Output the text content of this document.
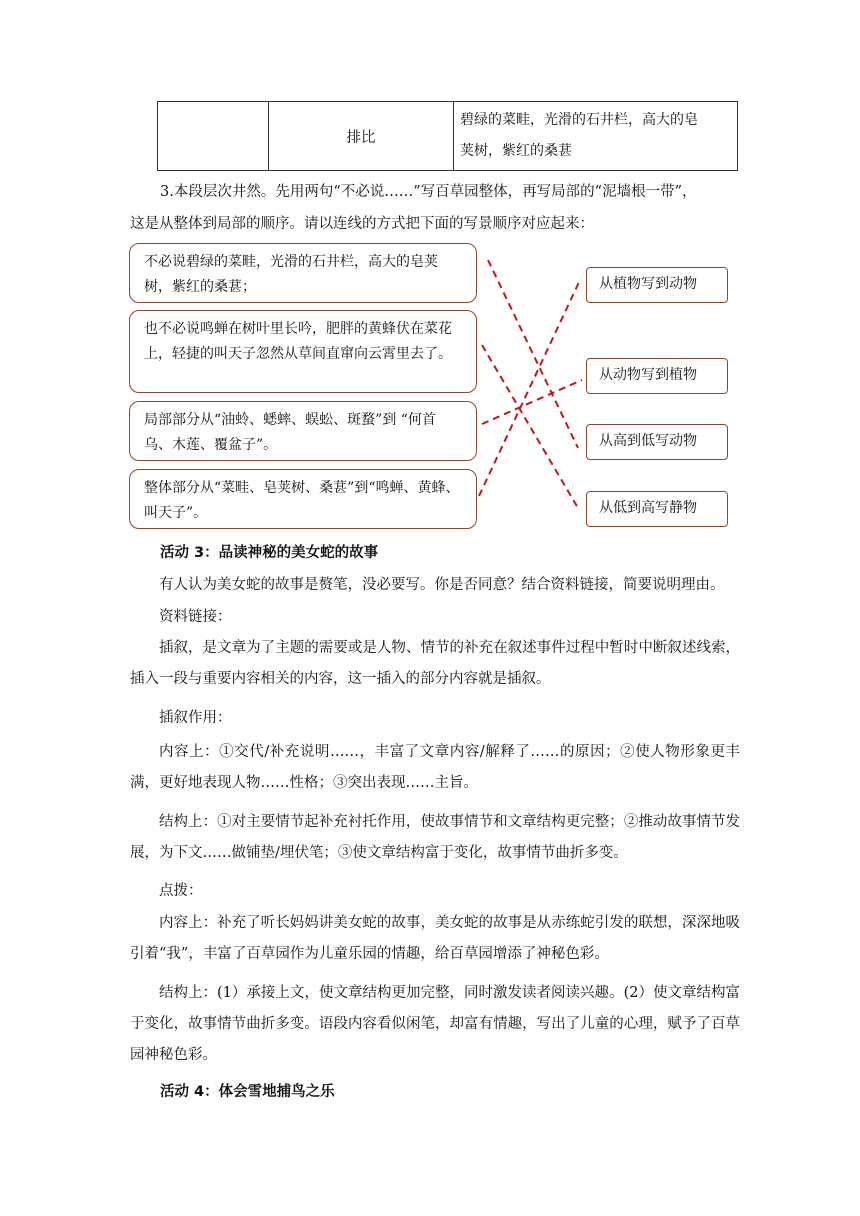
	排比	
碧绿的菜畦，光滑的石井栏，高大的皂
荚树，紫红的桑葚
3.本段层次井然。先用两句“不必说……”写百草园整体，再写局部的“泥墙根一带”，
这是从整体到局部的顺序。请以连线的方式把下面的写景顺序对应起来：
不必说碧绿的菜畦，光滑的石井栏，高大的皂荚树，紫红的桑葚；
也不必说鸣蝉在树叶里长吟，肥胖的黄蜂伏在菜花上，轻捷的叫天子忽然从草间直窜向云霄里去了。
局部部分从“油蛉、蟋蟀、蜈蚣、斑蝥”到 “何首乌、木莲、覆盆子”。
整体部分从“菜畦、皂荚树、桑葚”到“鸣蝉、黄蜂、叫天子”。
从植物写到动物
从动物写到植物
从高到低写动物
从低到高写静物
活动 3：品读神秘的美女蛇的故事
有人认为美女蛇的故事是赘笔，没必要写。你是否同意？结合资料链接，简要说明理由。
资料链接：
插叙，是文章为了主题的需要或是人物、情节的补充在叙述事件过程中暂时中断叙述线索，插入一段与重要内容相关的内容，这一插入的部分内容就是插叙。
插叙作用：
内容上：①交代/补充说明……，丰富了文章内容/解释了……的原因；②使人物形象更丰满，更好地表现人物……性格；③突出表现……主旨。
结构上：①对主要情节起补充衬托作用，使故事情节和文章结构更完整；②推动故事情节发展，为下文……做铺垫/埋伏笔；③使文章结构富于变化，故事情节曲折多变。
点拨：
内容上：补充了听长妈妈讲美女蛇的故事，美女蛇的故事是从赤练蛇引发的联想，深深地吸引着“我”，丰富了百草园作为儿童乐园的情趣，给百草园增添了神秘色彩。
结构上：(1）承接上文，使文章结构更加完整，同时激发读者阅读兴趣。(2）使文章结构富于变化，故事情节曲折多变。语段内容看似闲笔，却富有情趣，写出了儿童的心理，赋予了百草园神秘色彩。
活动 4：体会雪地捕鸟之乐
